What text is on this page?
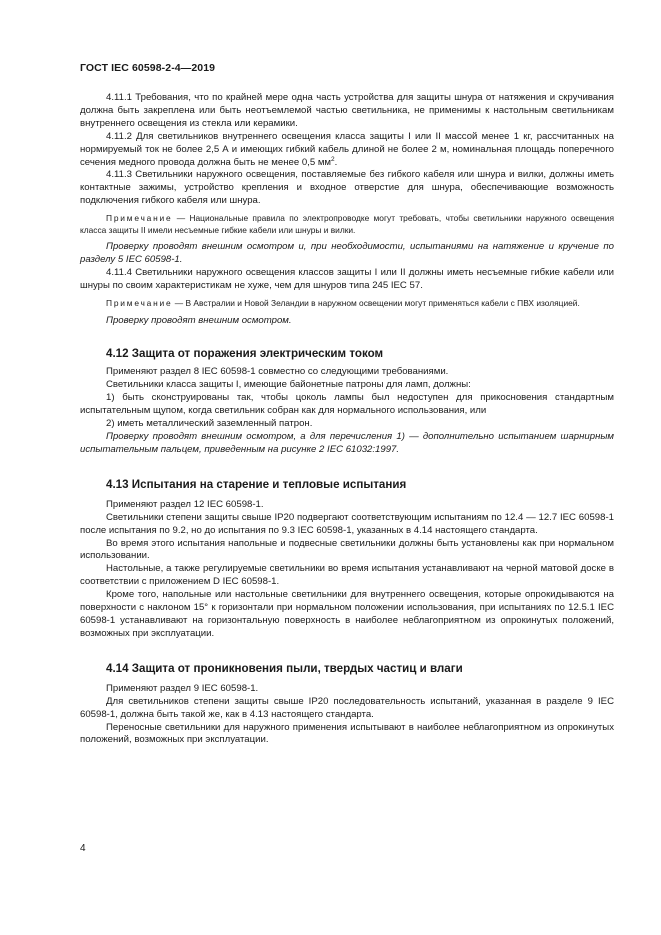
ГОСТ IEC 60598-2-4—2019

4.11.1 Требования, что по крайней мере одна часть устройства для защиты шнура от натяжения и скручивания должна быть закреплена или быть неотъемлемой частью светильника, не применимы к настольным светильникам внутреннего освещения из стекла или керамики.

4.11.2 Для светильников внутреннего освещения класса защиты I или II массой менее 1 кг, рассчитанных на нормируемый ток не более 2,5 А и имеющих гибкий кабель длиной не более 2 м, номинальная площадь поперечного сечения медного провода должна быть не менее 0,5 $мм^2$.

4.11.3 Светильники наружного освещения, поставляемые без гибкого кабеля или шнура и вилки, должны иметь контактные зажимы, устройство крепления и входное отверстие для шнура, обеспечивающие возможность подключения гибкого кабеля или шнура.

Примечание — Национальные правила по электропроводке могут требовать, чтобы светильники наружного освещения класса защиты II имели несъемные гибкие кабели или шнуры и вилки.

Проверку проводят внешним осмотром и, при необходимости, испытаниями на натяжение и кручение по разделу 5 IEC 60598-1.

4.11.4 Светильники наружного освещения классов защиты I или II должны иметь несъемные гибкие кабели или шнуры по своим характеристикам не хуже, чем для шнуров типа 245 IEC 57.

Примечание — В Австралии и Новой Зеландии в наружном освещении могут применяться кабели с ПВХ изоляцией.

Проверку проводят внешним осмотром.

4.12 Защита от поражения электрическим током

Применяют раздел 8 IEC 60598-1 совместно со следующими требованиями.

Светильники класса защиты I, имеющие байонетные патроны для ламп, должны:

1) быть сконструированы так, чтобы цоколь лампы был недоступен для прикосновения стандартным испытательным щупом, когда светильник собран как для нормального использования, или

2) иметь металлический заземленный патрон.

Проверку проводят внешним осмотром, а для перечисления 1) — дополнительно испытанием шарнирным испытательным пальцем, приведенным на рисунке 2 IEC 61032:1997.

4.13 Испытания на старение и тепловые испытания

Применяют раздел 12 IEC 60598-1.

Светильники степени защиты свыше IP20 подвергают соответствующим испытаниям по 12.4 — 12.7 IEC 60598-1 после испытания по 9.2, но до испытания по 9.3 IEC 60598-1, указанных в 4.14 настоящего стандарта.

Во время этого испытания напольные и подвесные светильники должны быть установлены как при нормальном использовании.

Настольные, а также регулируемые светильники во время испытания устанавливают на черной матовой доске в соответствии с приложением D IEC 60598-1.

Кроме того, напольные или настольные светильники для внутреннего освещения, которые опрокидываются на поверхности с наклоном 15° к горизонтали при нормальном положении использования, при испытаниях по 12.5.1 IEC 60598-1 устанавливают на горизонтальную поверхность в наиболее неблагоприятном из опрокинутых положений, возможных при эксплуатации.

4.14 Защита от проникновения пыли, твердых частиц и влаги

Применяют раздел 9 IEC 60598-1.

Для светильников степени защиты свыше IP20 последовательность испытаний, указанная в разделе 9 IEC 60598-1, должна быть такой же, как в 4.13 настоящего стандарта.

Переносные светильники для наружного применения испытывают в наиболее неблагоприятном из опрокинутых положений, возможных при эксплуатации.

4
